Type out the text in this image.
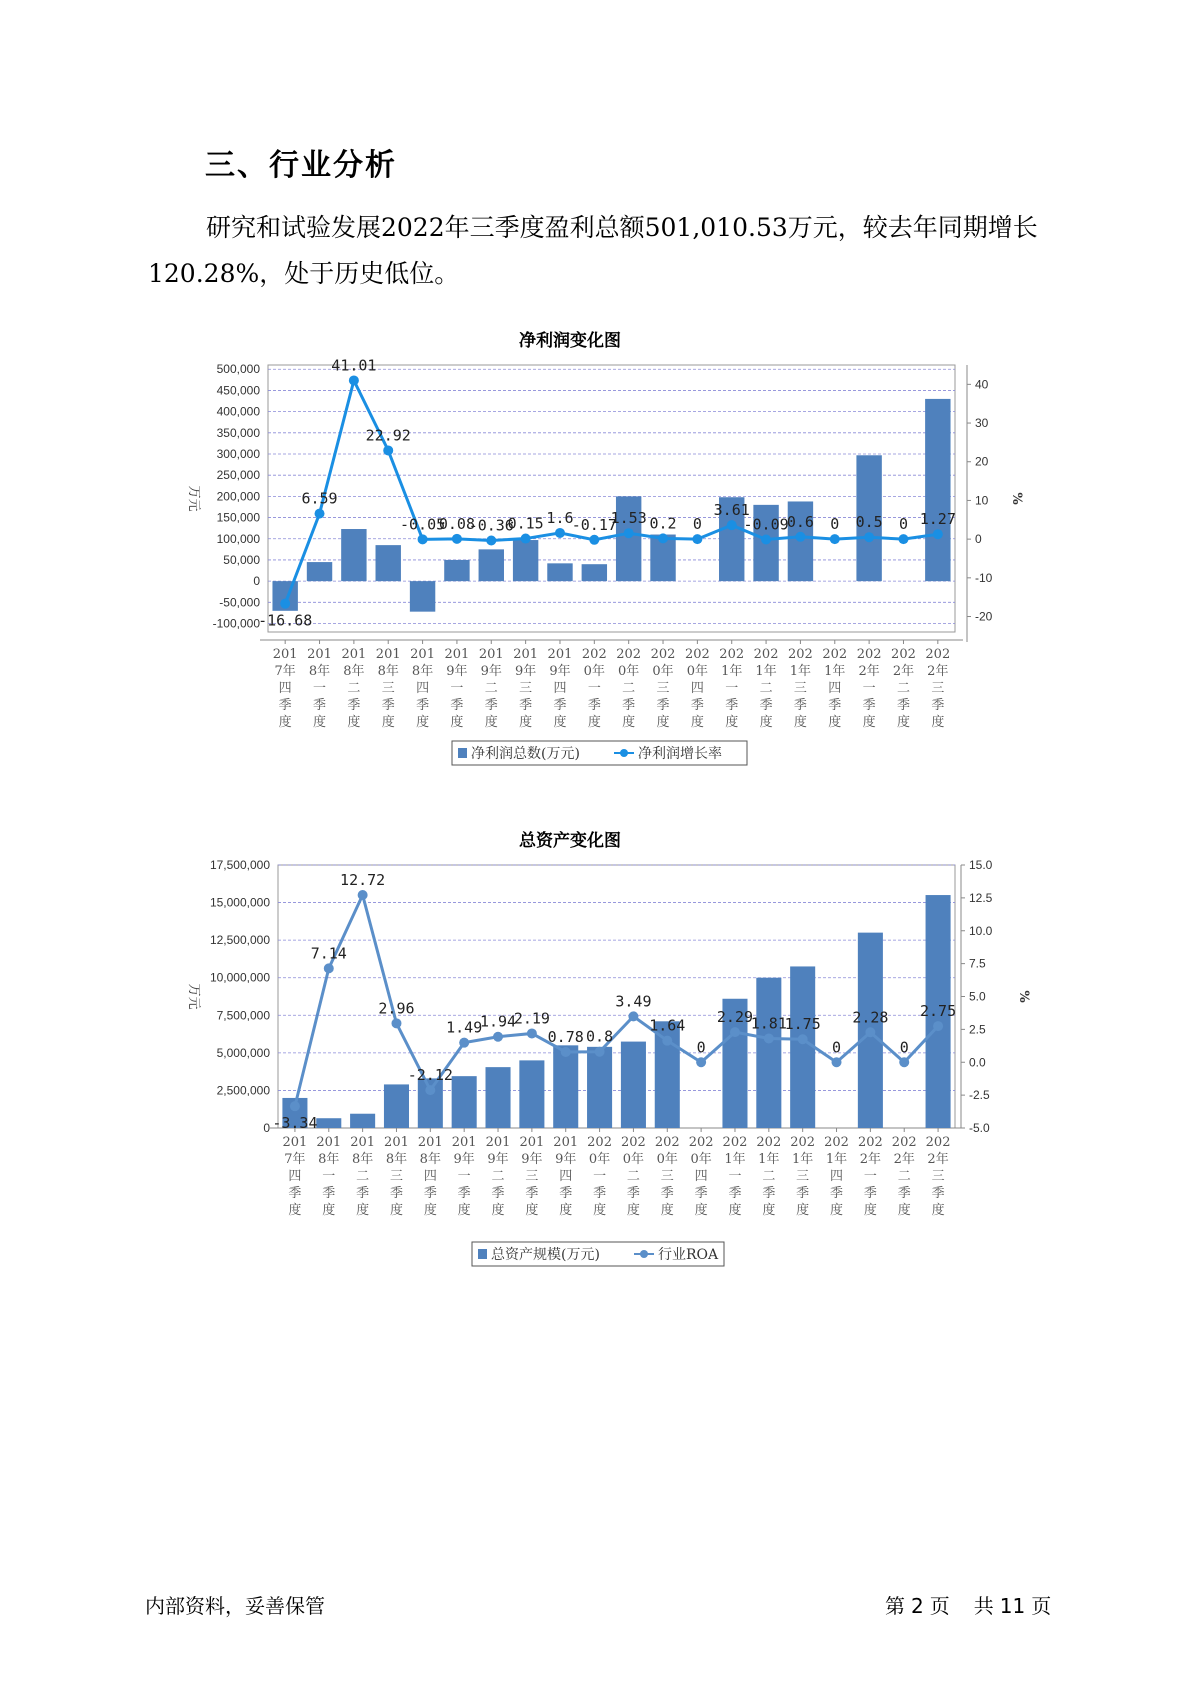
三、行业分析
研究和试验发展2022年三季度盈利总额501,010.53万元，较去年同期增长120.28%，处于历史低位。
净利润变化图
500,000
450,000
400,000
350,000
300,000
250,000
200,000
150,000
100,000
50,000
0
-50,000
-100,000
万元
40
30
20
10
0
-10
-20
%
201
7年
四
季
度
201
8年
一
季
度
201
8年
二
季
度
201
8年
三
季
度
201
8年
四
季
度
201
9年
一
季
度
201
9年
二
季
度
201
9年
三
季
度
201
9年
四
季
度
202
0年
一
季
度
202
0年
二
季
度
202
0年
三
季
度
202
0年
四
季
度
202
1年
一
季
度
202
1年
二
季
度
202
1年
三
季
度
202
1年
四
季
度
202
2年
一
季
度
202
2年
二
季
度
202
2年
三
季
度
-16.68
6.59
41.01
22.92
-0.05
0.08
-0.36
0.15 1.6
-0.17
1.53 0.2 0
3.61
-0.09
0.6 0 0.5 0 1.27
净利润总数(万元)	净利润增长率
总资产变化图
17,500,000
15,000,000
12,500,000
10,000,000
7,500,000
5,000,000
2,500,000
0
万元
15.0
12.5
10.0
7.5
5.0
2.5
0.0
-2.5
-5.0
%
201
7年
四
季
度
201
8年
一
季
度
201
8年
二
季
度
201
8年
三
季
度
201
8年
四
季
度
201
9年
一
季
度
201
9年
二
季
度
201
9年
三
季
度
201
9年
四
季
度
202
0年
一
季
度
202
0年
二
季
度
202
0年
三
季
度
202
0年
四
季
度
202
1年
一
季
度
202
1年
二
季
度
202
1年
三
季
度
202
1年
四
季
度
202
2年
一
季
度
202
2年
二
季
度
202
2年
三
季
度
-3.34
7.14
12.72
2.96
-2.12
1.49
1.94
2.19
0.78 0.8
3.49
1.64
0
2.29
1.81
1.75
0
2.28
0
2.75
总资产规模(万元)	行业ROA
内部资料，妥善保管	第 2 页 共 11 页
